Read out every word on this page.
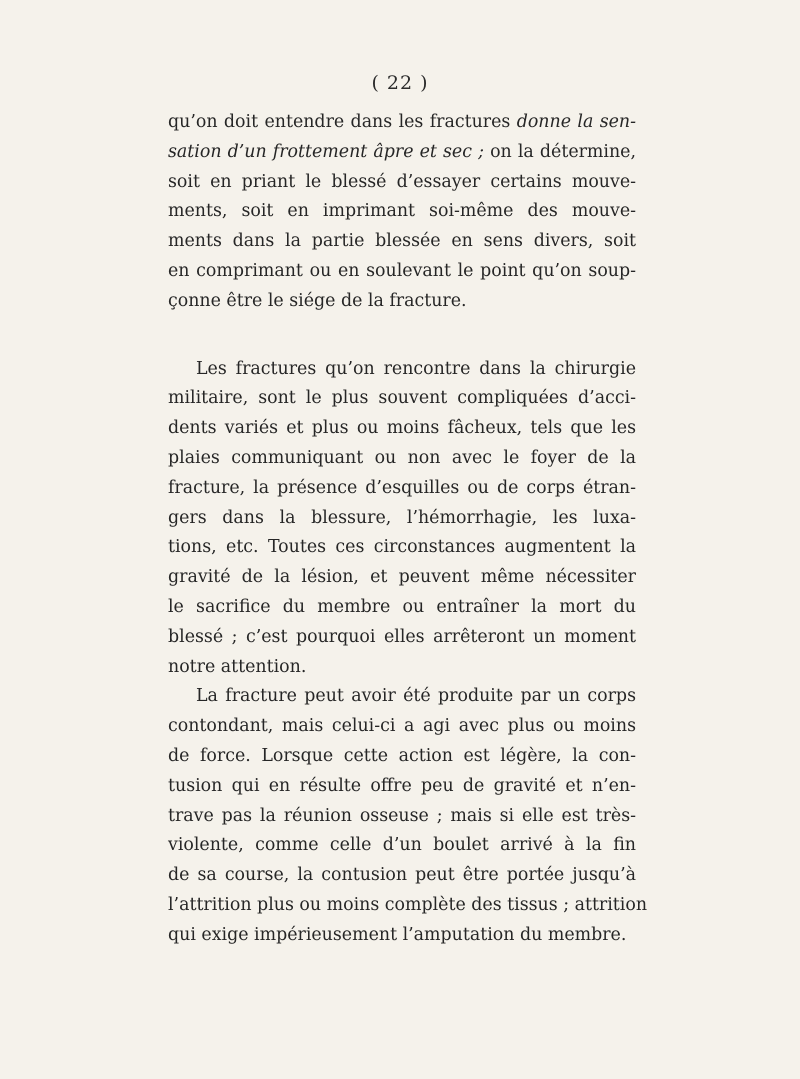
( 22 )
qu’on doit entendre dans les fractures donne la sen-
sation d’un frottement âpre et sec ; on la détermine,
soit en priant le blessé d’essayer certains mouve-
ments, soit en imprimant soi-même des mouve-
ments dans la partie blessée en sens divers, soit
en comprimant ou en soulevant le point qu’on soup-
çonne être le siége de la fracture.
Les fractures qu’on rencontre dans la chirurgie
militaire, sont le plus souvent compliquées d’acci-
dents variés et plus ou moins fâcheux, tels que les
plaies communiquant ou non avec le foyer de la
fracture, la présence d’esquilles ou de corps étran-
gers dans la blessure, l’hémorrhagie, les luxa-
tions, etc. Toutes ces circonstances augmentent la
gravité de la lésion, et peuvent même nécessiter
le sacrifice du membre ou entraîner la mort du
blessé ; c’est pourquoi elles arrêteront un moment
notre attention.
La fracture peut avoir été produite par un corps
contondant, mais celui-ci a agi avec plus ou moins
de force. Lorsque cette action est légère, la con-
tusion qui en résulte offre peu de gravité et n’en-
trave pas la réunion osseuse ; mais si elle est très-
violente, comme celle d’un boulet arrivé à la fin
de sa course, la contusion peut être portée jusqu’à
l’attrition plus ou moins complète des tissus ; attrition
qui exige impérieusement l’amputation du membre.
